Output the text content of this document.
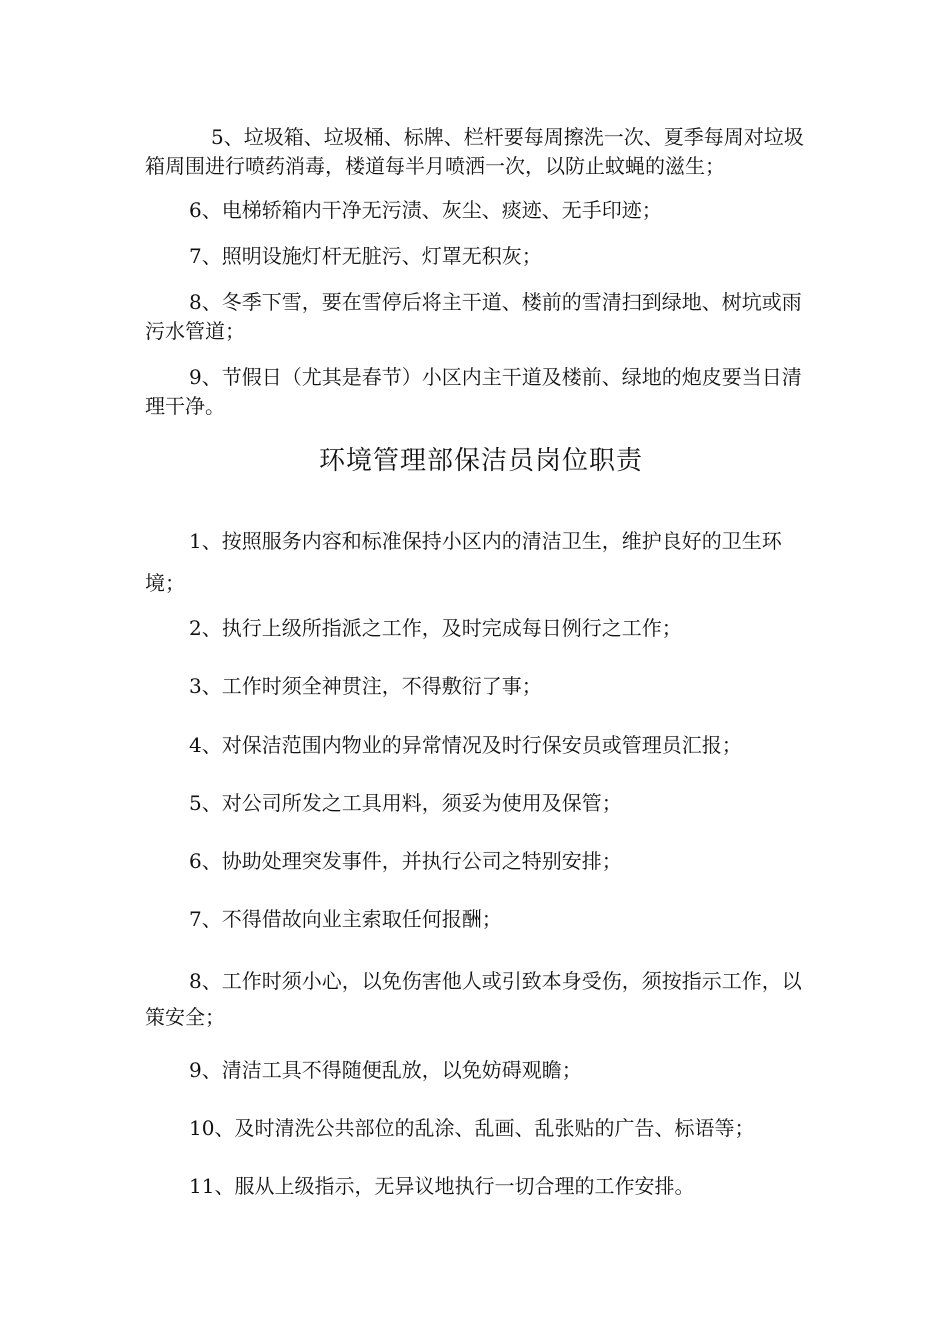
5、垃圾箱、垃圾桶、标牌、栏杆要每周擦洗一次、夏季每周对垃圾箱周围进行喷药消毒，楼道每半月喷洒一次，以防止蚊蝇的滋生；

6、电梯轿箱内干净无污渍、灰尘、痰迹、无手印迹；

7、照明设施灯杆无脏污、灯罩无积灰；

8、冬季下雪，要在雪停后将主干道、楼前的雪清扫到绿地、树坑或雨污水管道；

9、节假日（尤其是春节）小区内主干道及楼前、绿地的炮皮要当日清理干净。

环境管理部保洁员岗位职责

1、按照服务内容和标准保持小区内的清洁卫生，维护良好的卫生环境；

2、执行上级所指派之工作，及时完成每日例行之工作；

3、工作时须全神贯注，不得敷衍了事；

4、对保洁范围内物业的异常情况及时行保安员或管理员汇报；

5、对公司所发之工具用料，须妥为使用及保管；

6、协助处理突发事件，并执行公司之特别安排；

7、不得借故向业主索取任何报酬；

8、工作时须小心，以免伤害他人或引致本身受伤，须按指示工作，以策安全；

9、清洁工具不得随便乱放，以免妨碍观瞻；

10、及时清洗公共部位的乱涂、乱画、乱张贴的广告、标语等；

11、服从上级指示，无异议地执行一切合理的工作安排。
